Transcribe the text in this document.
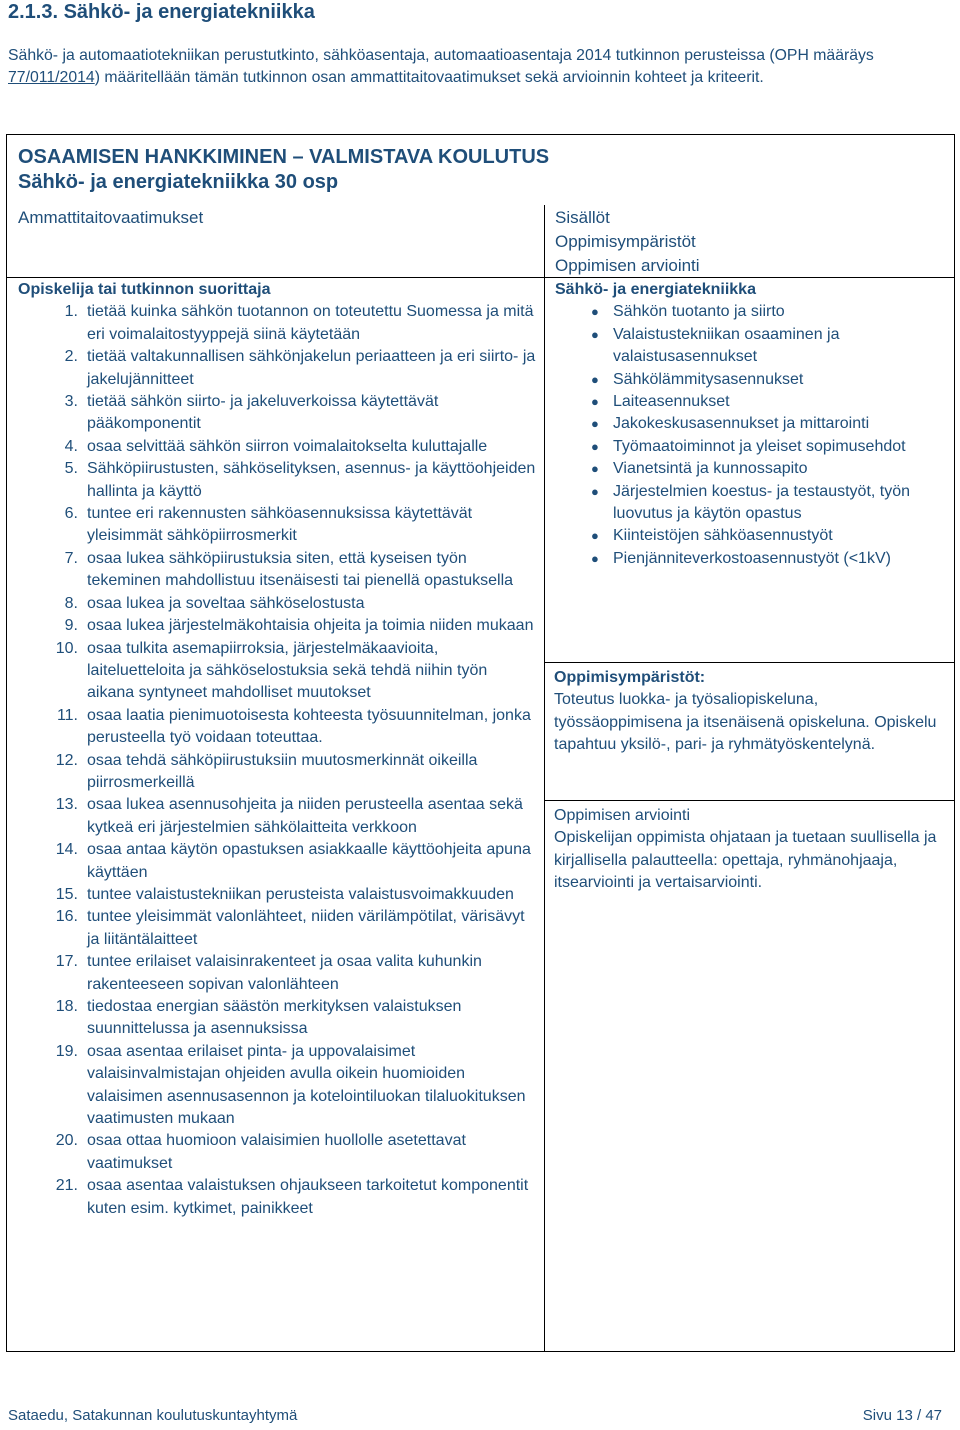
2.1.3. Sähkö- ja energiatekniikka
Sähkö- ja automaatiotekniikan perustutkinto, sähköasentaja, automaatioasentaja 2014 tutkinnon perusteissa (OPH määräys 77/011/2014) määritellään tämän tutkinnon osan ammattitaitovaatimukset sekä arvioinnin kohteet ja kriteerit.
OSAAMISEN HANKKIMINEN – VALMISTAVA KOULUTUS
Sähkö- ja energiatekniikka 30 osp
Ammattitaitovaatimukset	Sisällöt
Oppimisympäristöt
Oppimisen arviointi
Opiskelija tai tutkinnon suorittaja
1. tietää kuinka sähkön tuotannon on toteutettu Suomessa ja mitä eri voimalaitostyyppejä siinä käytetään
2. tietää valtakunnallisen sähkönjakelun periaatteen ja eri siirto- ja jakelujännitteet
3. tietää sähkön siirto- ja jakeluverkoissa käytettävät pääkomponentit
4. osaa selvittää sähkön siirron voimalaitokselta kuluttajalle
5. Sähköpiirustusten, sähköselityksen, asennus- ja käyttöohjeiden hallinta ja käyttö
6. tuntee eri rakennusten sähköasennuksissa käytettävät yleisimmät sähköpiirrosmerkit
7. osaa lukea sähköpiirustuksia siten, että kyseisen työn tekeminen mahdollistuu itsenäisesti tai pienellä opastuksella
8. osaa lukea ja soveltaa sähköselostusta
9. osaa lukea järjestelmäkohtaisia ohjeita ja toimia niiden mukaan
10. osaa tulkita asemapiirroksia, järjestelmäkaavioita, laiteluetteloita ja sähköselostuksia sekä tehdä niihin työn aikana syntyneet mahdolliset muutokset
11. osaa laatia pienimuotoisesta kohteesta työsuunnitelman, jonka perusteella työ voidaan toteuttaa.
12. osaa tehdä sähköpiirustuksiin muutosmerkinnät oikeilla piirrosmerkeillä
13. osaa lukea asennusohjeita ja niiden perusteella asentaa sekä kytkeä eri järjestelmien sähkölaitteita verkkoon
14. osaa antaa käytön opastuksen asiakkaalle käyttöohjeita apuna käyttäen
15. tuntee valaistustekniikan perusteista valaistusvoimakkuuden
16. tuntee yleisimmät valonlähteet, niiden värilämpötilat, värisävyt ja liitäntälaitteet
17. tuntee erilaiset valaisinrakenteet ja osaa valita kuhunkin rakenteeseen sopivan valonlähteen
18. tiedostaa energian säästön merkityksen valaistuksen suunnittelussa ja asennuksissa
19. osaa asentaa erilaiset pinta- ja uppovalaisimet valaisinvalmistajan ohjeiden avulla oikein huomioiden valaisimen asennusasennon ja kotelointiluokan tilaluokituksen vaatimusten mukaan
20. osaa ottaa huomioon valaisimien huollolle asetettavat vaatimukset
21. osaa asentaa valaistuksen ohjaukseen tarkoitetut komponentit kuten esim. kytkimet, painikkeet
Sähkö- ja energiatekniikka
● Sähkön tuotanto ja siirto
● Valaistustekniikan osaaminen ja valaistusasennukset
● Sähkölämmitysasennukset
● Laiteasennukset
● Jakokeskusasennukset ja mittarointi
● Työmaatoiminnot ja yleiset sopimusehdot
● Vianetsintä ja kunnossapito
● Järjestelmien koestus- ja testaustyöt, työn luovutus ja käytön opastus
● Kiinteistöjen sähköasennustyöt
● Pienjänniteverkostoasennustyöt (<1kV)
Oppimisympäristöt:
Toteutus luokka- ja työsaliopiskeluna, työssäoppimisena ja itsenäisenä opiskeluna. Opiskelu tapahtuu yksilö-, pari- ja ryhmätyöskentelynä.
Oppimisen arviointi
Opiskelijan oppimista ohjataan ja tuetaan suullisella ja kirjallisella palautteella: opettaja, ryhmänohjaaja, itsearviointi ja vertaisarviointi.
Sataedu, Satakunnan koulutuskuntayhtymä	Sivu 13 / 47
